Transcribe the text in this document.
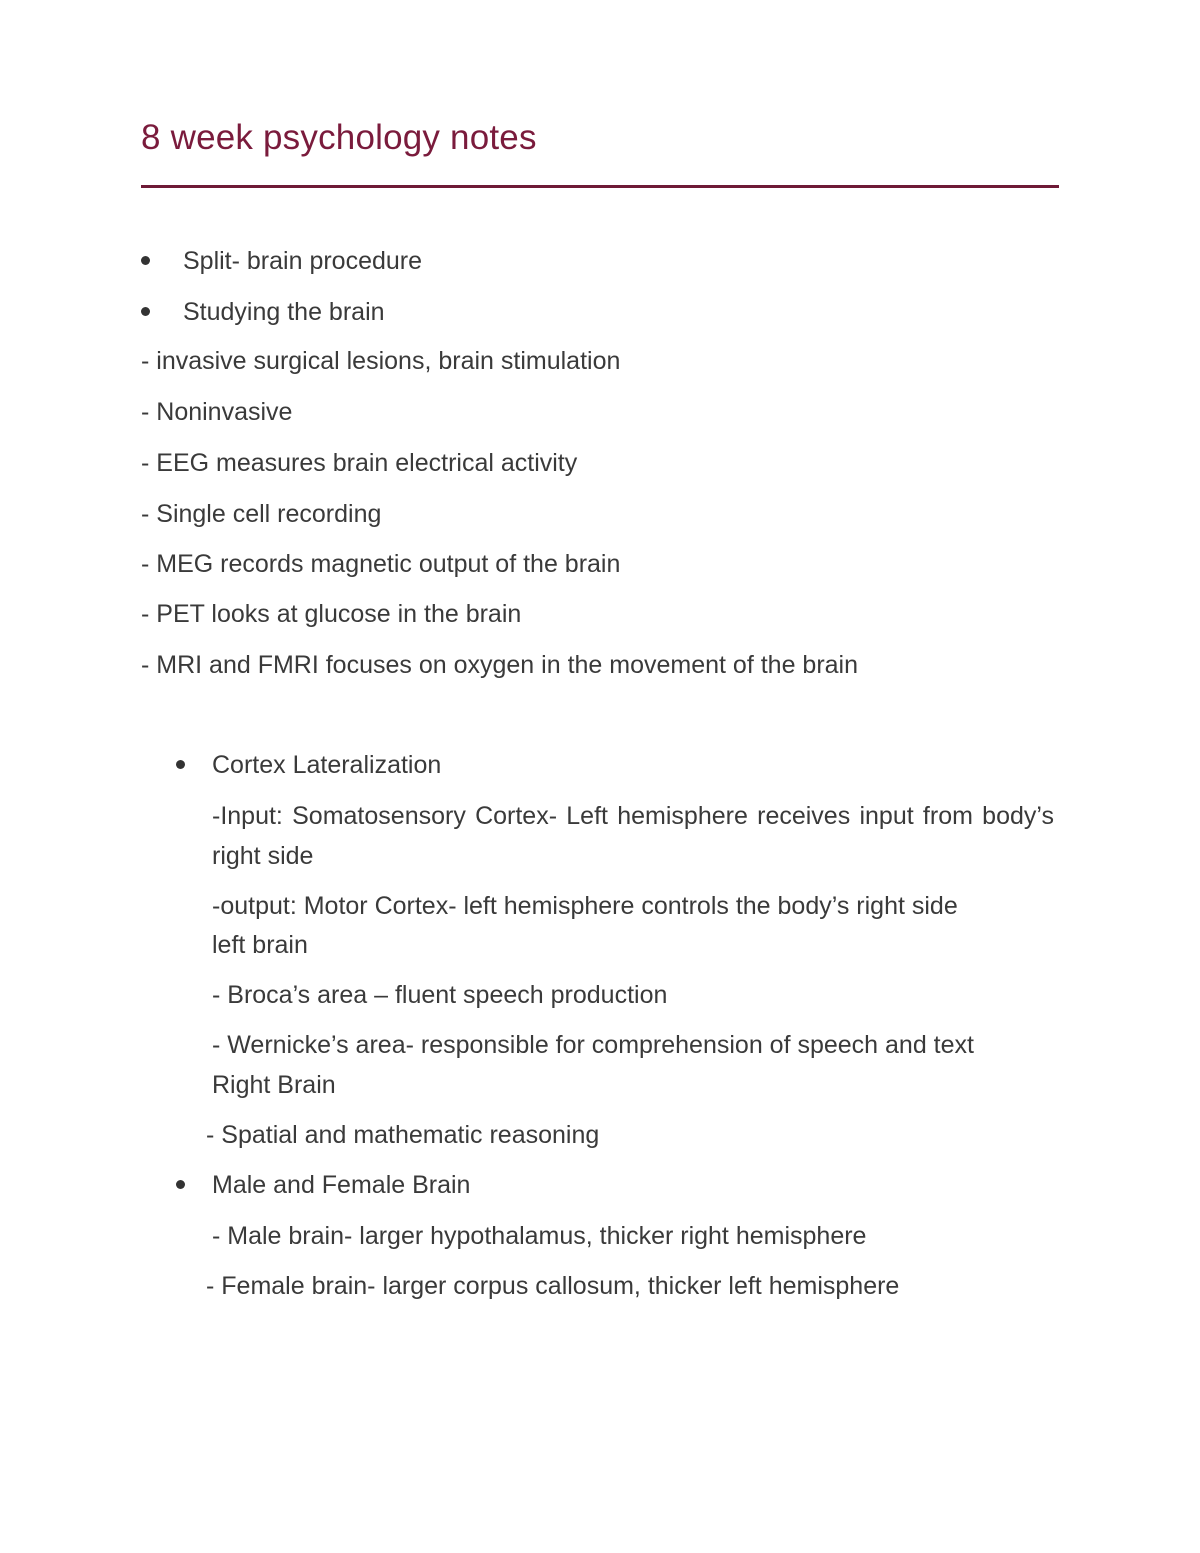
8 week psychology notes
Split- brain procedure
Studying the brain
- invasive surgical lesions, brain stimulation
- Noninvasive
- EEG measures brain electrical activity
- Single cell recording
- MEG records magnetic output of the brain
- PET looks at glucose in the brain
- MRI and FMRI focuses on oxygen in the movement of the brain
Cortex Lateralization
-Input: Somatosensory Cortex- Left hemisphere receives input from body’s right side
-output: Motor Cortex- left hemisphere controls the body’s right side
left brain
- Broca’s area – fluent speech production
- Wernicke’s area- responsible for comprehension of speech and text
Right Brain
- Spatial and mathematic reasoning
Male and Female Brain
- Male brain- larger hypothalamus, thicker right hemisphere
- Female brain- larger corpus callosum, thicker left hemisphere
